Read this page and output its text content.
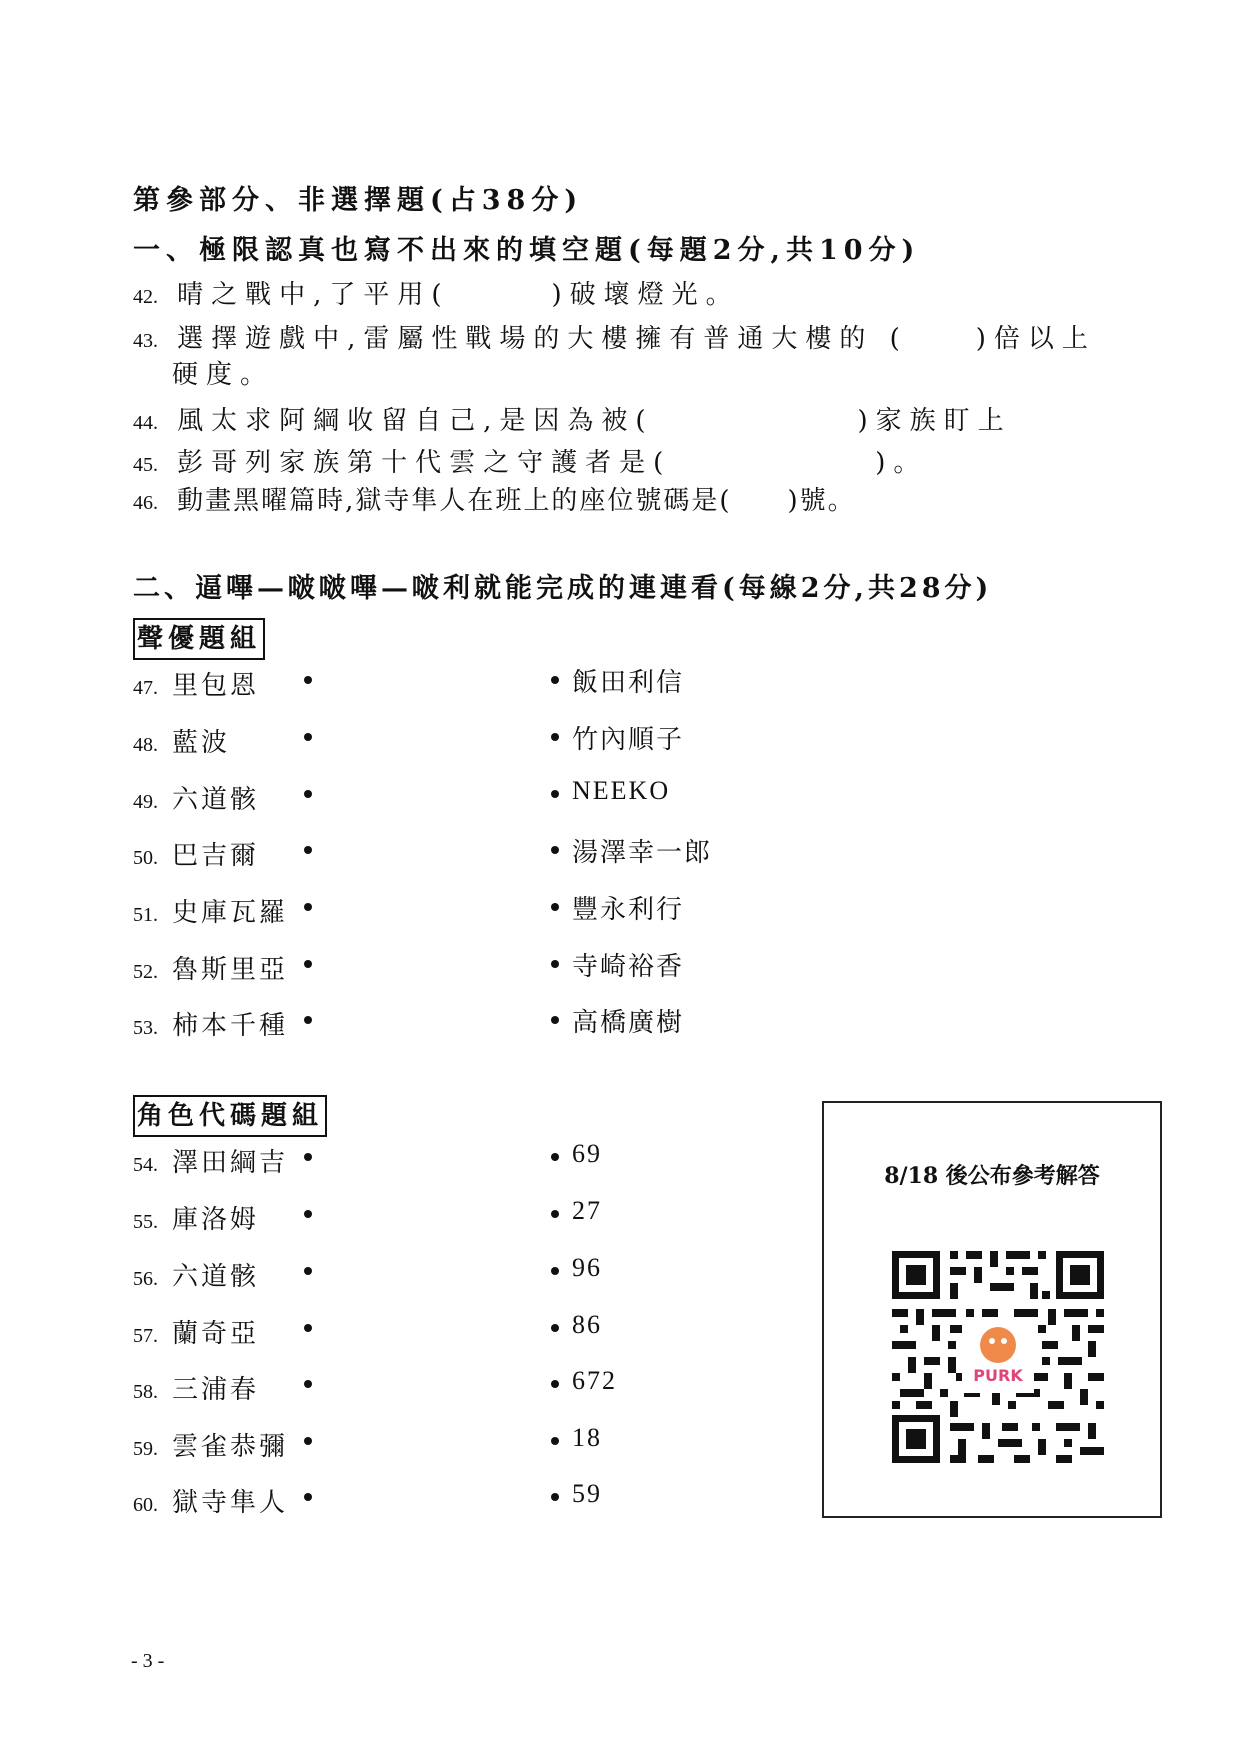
第參部分、非選擇題(占38分)
一、極限認真也寫不出來的填空題(每題2分,共10分)
42. 晴之戰中,了平用(　　　)破壞燈光。
43. 選擇遊戲中,雷屬性戰場的大樓擁有普通大樓的 (　　)倍以上
硬度。
44. 風太求阿綱收留自己,是因為被(　　　　　　)家族盯上
45. 彭哥列家族第十代雲之守護者是(　　　　　　)。
46. 動畫黑曜篇時,獄寺隼人在班上的座位號碼是(　　)號。
二、逼嗶—啵啵嗶—啵利就能完成的連連看(每線2分,共28分)
聲優題組
47. 里包恩
48. 藍波
49. 六道骸
50. 巴吉爾
51. 史庫瓦羅
52. 魯斯里亞
53. 柿本千種
飯田利信
竹內順子
NEEKO
湯澤幸一郎
豐永利行
寺崎裕香
高橋廣樹
角色代碼題組
54. 澤田綱吉
55. 庫洛姆
56. 六道骸
57. 蘭奇亞
58. 三浦春
59. 雲雀恭彌
60. 獄寺隼人
69
27
96
86
672
18
59
8/18 後公布參考解答
PURK
- 3 -
